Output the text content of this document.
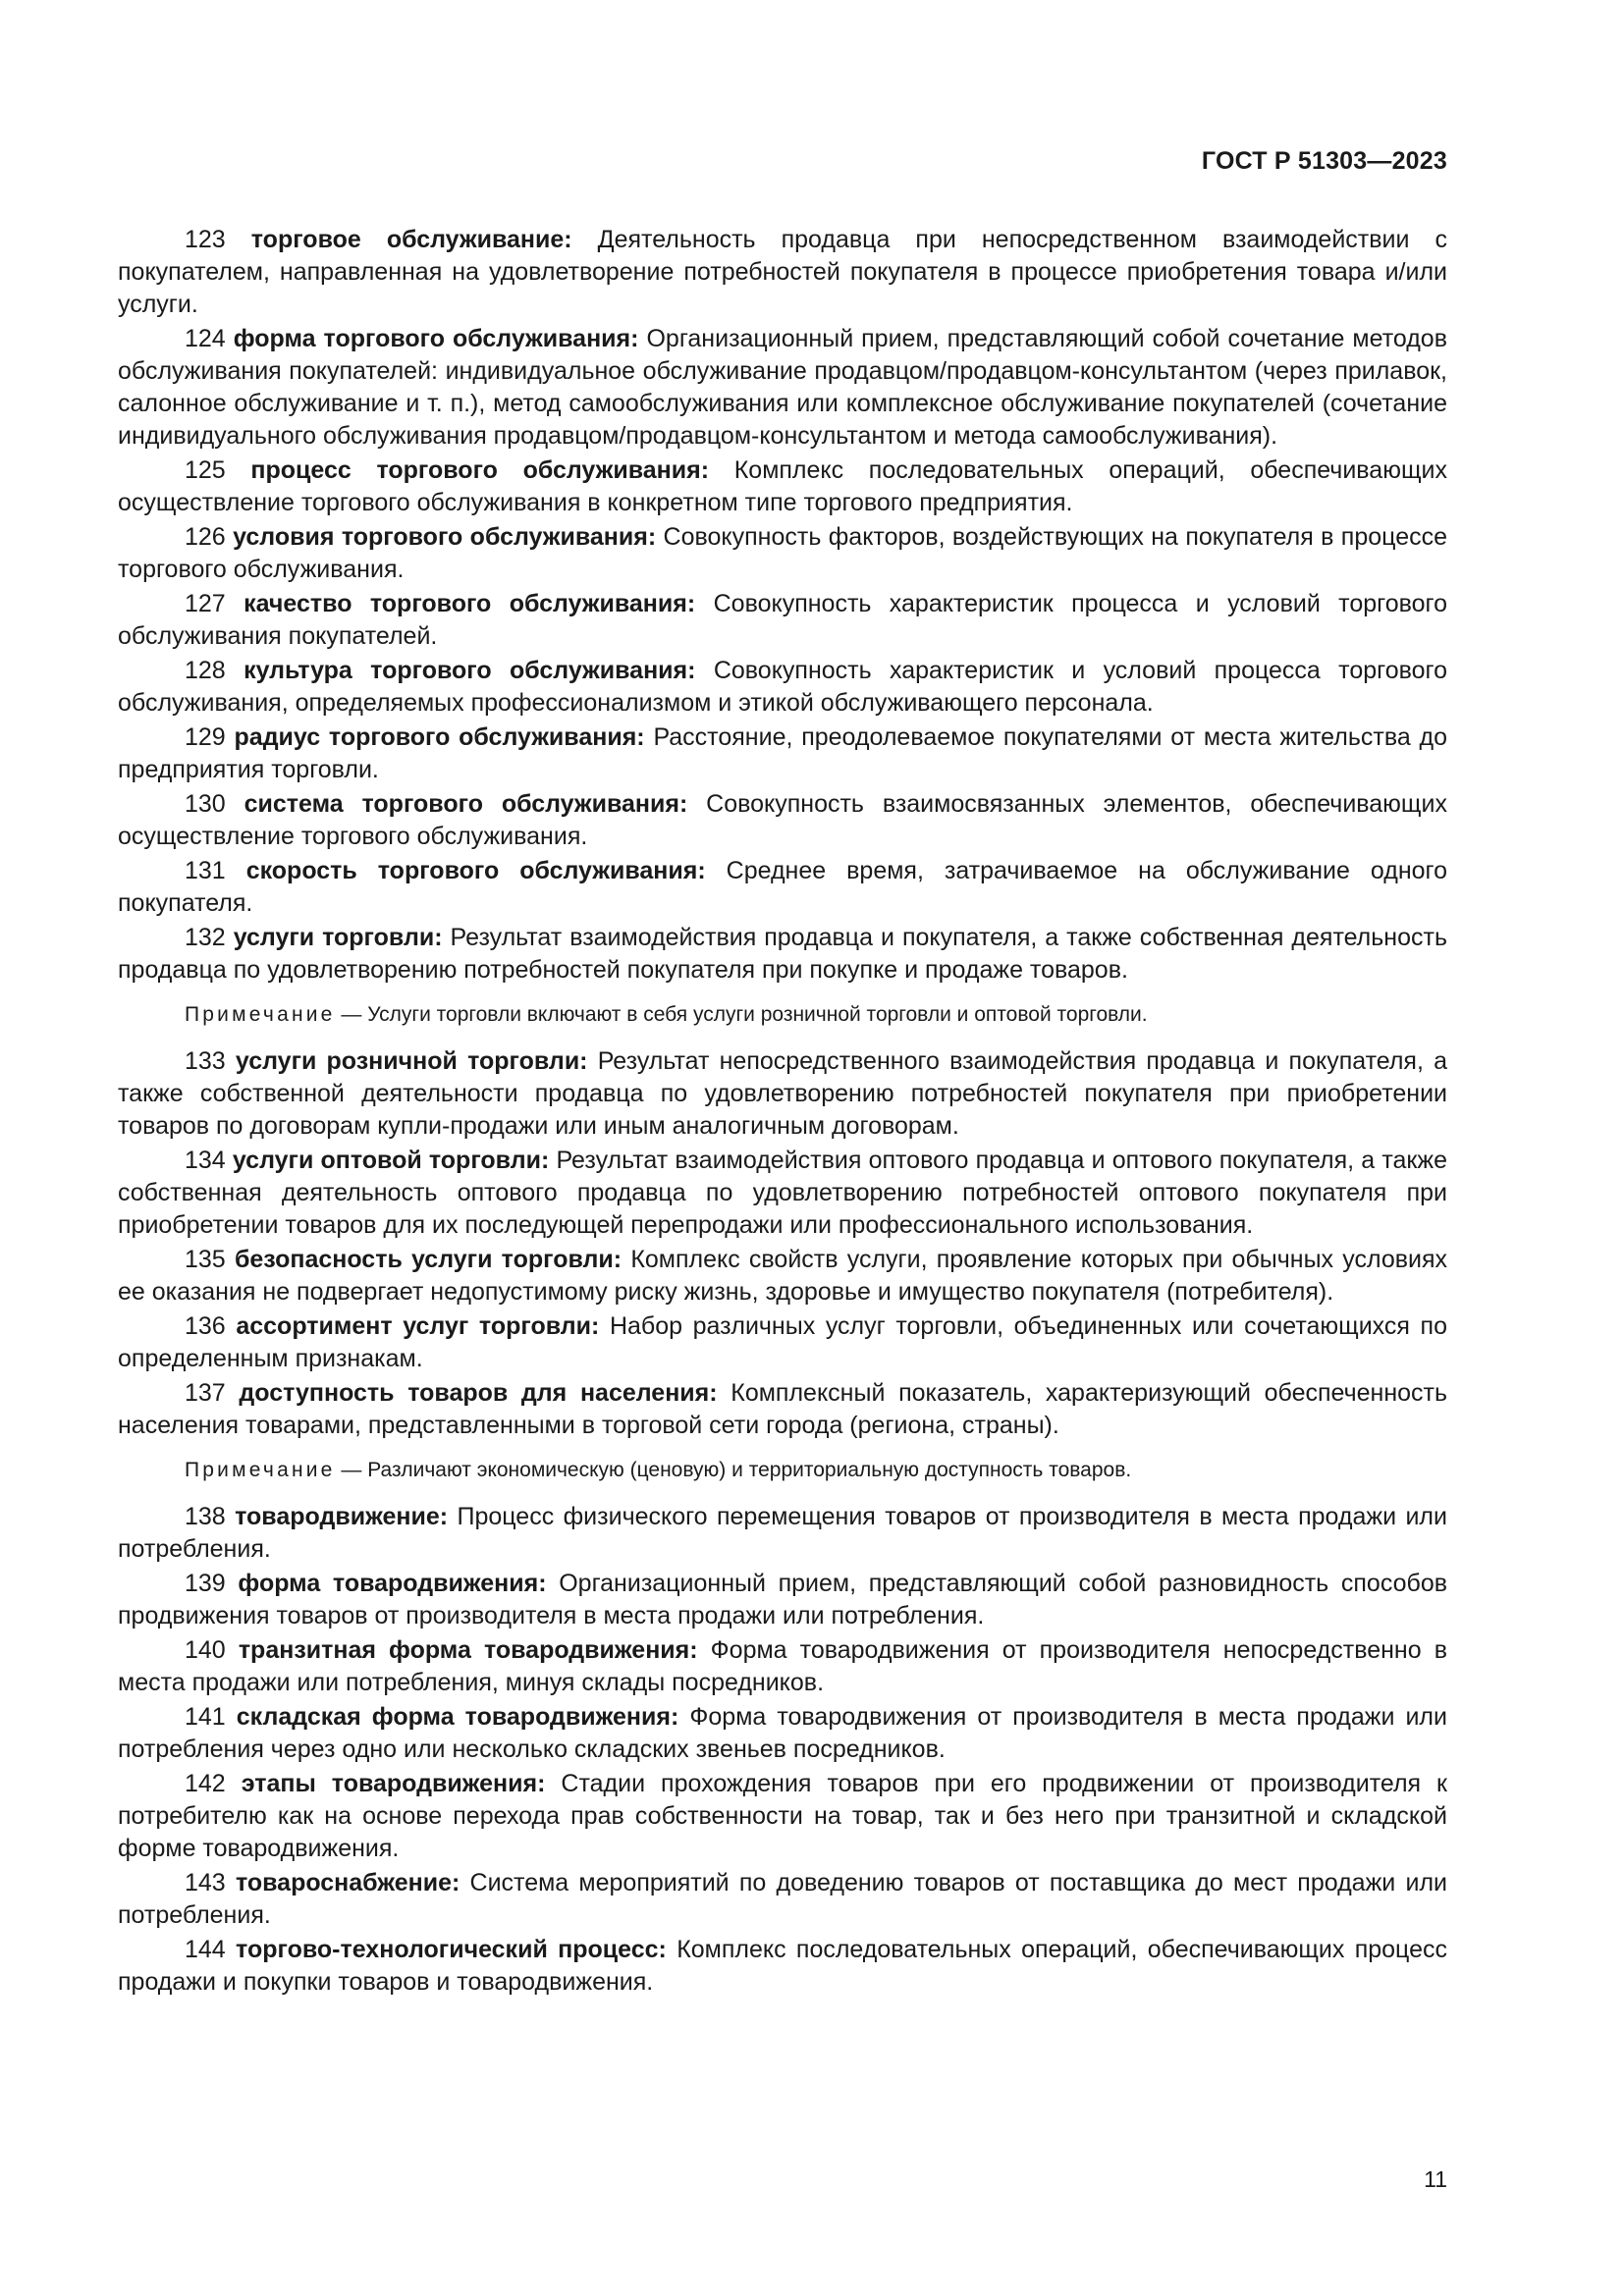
ГОСТ Р 51303—2023

123 торговое обслуживание: Деятельность продавца при непосредственном взаимодействии с покупателем, направленная на удовлетворение потребностей покупателя в процессе приобретения товара и/или услуги.

124 форма торгового обслуживания: Организационный прием, представляющий собой сочетание методов обслуживания покупателей: индивидуальное обслуживание продавцом/продавцом-консультантом (через прилавок, салонное обслуживание и т. п.), метод самообслуживания или комплексное обслуживание покупателей (сочетание индивидуального обслуживания продавцом/продавцом-консультантом и метода самообслуживания).

125 процесс торгового обслуживания: Комплекс последовательных операций, обеспечивающих осуществление торгового обслуживания в конкретном типе торгового предприятия.

126 условия торгового обслуживания: Совокупность факторов, воздействующих на покупателя в процессе торгового обслуживания.

127 качество торгового обслуживания: Совокупность характеристик процесса и условий торгового обслуживания покупателей.

128 культура торгового обслуживания: Совокупность характеристик и условий процесса торгового обслуживания, определяемых профессионализмом и этикой обслуживающего персонала.

129 радиус торгового обслуживания: Расстояние, преодолеваемое покупателями от места жительства до предприятия торговли.

130 система торгового обслуживания: Совокупность взаимосвязанных элементов, обеспечивающих осуществление торгового обслуживания.

131 скорость торгового обслуживания: Среднее время, затрачиваемое на обслуживание одного покупателя.

132 услуги торговли: Результат взаимодействия продавца и покупателя, а также собственная деятельность продавца по удовлетворению потребностей покупателя при покупке и продаже товаров.

Примечание — Услуги торговли включают в себя услуги розничной торговли и оптовой торговли.

133 услуги розничной торговли: Результат непосредственного взаимодействия продавца и покупателя, а также собственной деятельности продавца по удовлетворению потребностей покупателя при приобретении товаров по договорам купли-продажи или иным аналогичным договорам.

134 услуги оптовой торговли: Результат взаимодействия оптового продавца и оптового покупателя, а также собственная деятельность оптового продавца по удовлетворению потребностей оптового покупателя при приобретении товаров для их последующей перепродажи или профессионального использования.

135 безопасность услуги торговли: Комплекс свойств услуги, проявление которых при обычных условиях ее оказания не подвергает недопустимому риску жизнь, здоровье и имущество покупателя (потребителя).

136 ассортимент услуг торговли: Набор различных услуг торговли, объединенных или сочетающихся по определенным признакам.

137 доступность товаров для населения: Комплексный показатель, характеризующий обеспеченность населения товарами, представленными в торговой сети города (региона, страны).

Примечание — Различают экономическую (ценовую) и территориальную доступность товаров.

138 товародвижение: Процесс физического перемещения товаров от производителя в места продажи или потребления.

139 форма товародвижения: Организационный прием, представляющий собой разновидность способов продвижения товаров от производителя в места продажи или потребления.

140 транзитная форма товародвижения: Форма товародвижения от производителя непосредственно в места продажи или потребления, минуя склады посредников.

141 складская форма товародвижения: Форма товародвижения от производителя в места продажи или потребления через одно или несколько складских звеньев посредников.

142 этапы товародвижения: Стадии прохождения товаров при его продвижении от производителя к потребителю как на основе перехода прав собственности на товар, так и без него при транзитной и складской форме товародвижения.

143 товароснабжение: Система мероприятий по доведению товаров от поставщика до мест продажи или потребления.

144 торгово-технологический процесс: Комплекс последовательных операций, обеспечивающих процесс продажи и покупки товаров и товародвижения.

11
